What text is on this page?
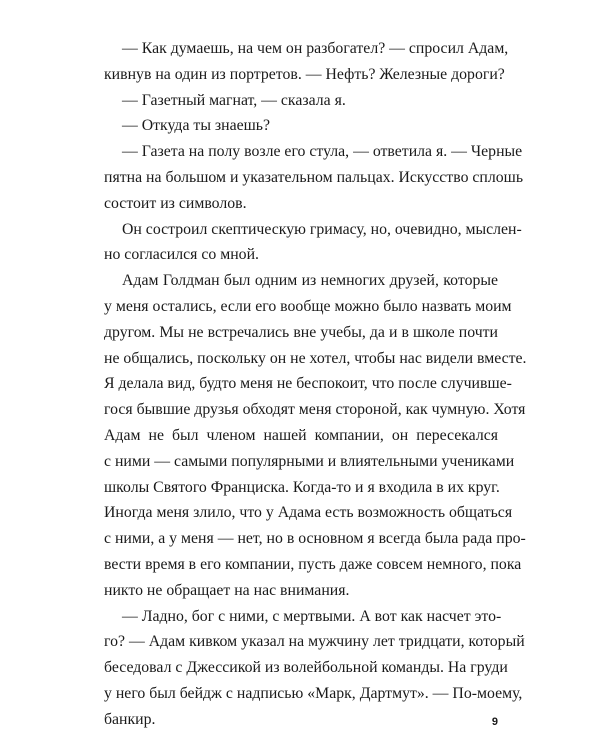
— Как думаешь, на чем он разбогател? — спросил Адам,
кивнув на один из портретов. — Нефть? Железные дороги?
— Газетный магнат, — сказала я.
— Откуда ты знаешь?
— Газета на полу возле его стула, — ответила я. — Черные
пятна на большом и указательном пальцах. Искусство сплошь
состоит из символов.
Он состроил скептическую гримасу, но, очевидно, мыслен-
но согласился со мной.
Адам Голдман был одним из немногих друзей, которые
у меня остались, если его вообще можно было назвать моим
другом. Мы не встречались вне учебы, да и в школе почти
не общались, поскольку он не хотел, чтобы нас видели вместе.
Я делала вид, будто меня не беспокоит, что после случивше-
гося бывшие друзья обходят меня стороной, как чумную. Хотя
Адам не был членом нашей компании, он пересекался
с ними — самыми популярными и влиятельными учениками
школы Святого Франциска. Когда-то и я входила в их круг.
Иногда меня злило, что у Адама есть возможность общаться
с ними, а у меня — нет, но в основном я всегда была рада про-
вести время в его компании, пусть даже совсем немного, пока
никто не обращает на нас внимания.
— Ладно, бог с ними, с мертвыми. А вот как насчет это-
го? — Адам кивком указал на мужчину лет тридцати, который
беседовал с Джессикой из волейбольной команды. На груди
у него был бейдж с надписью «Марк, Дартмут». — По-моему,
банкир.	9
